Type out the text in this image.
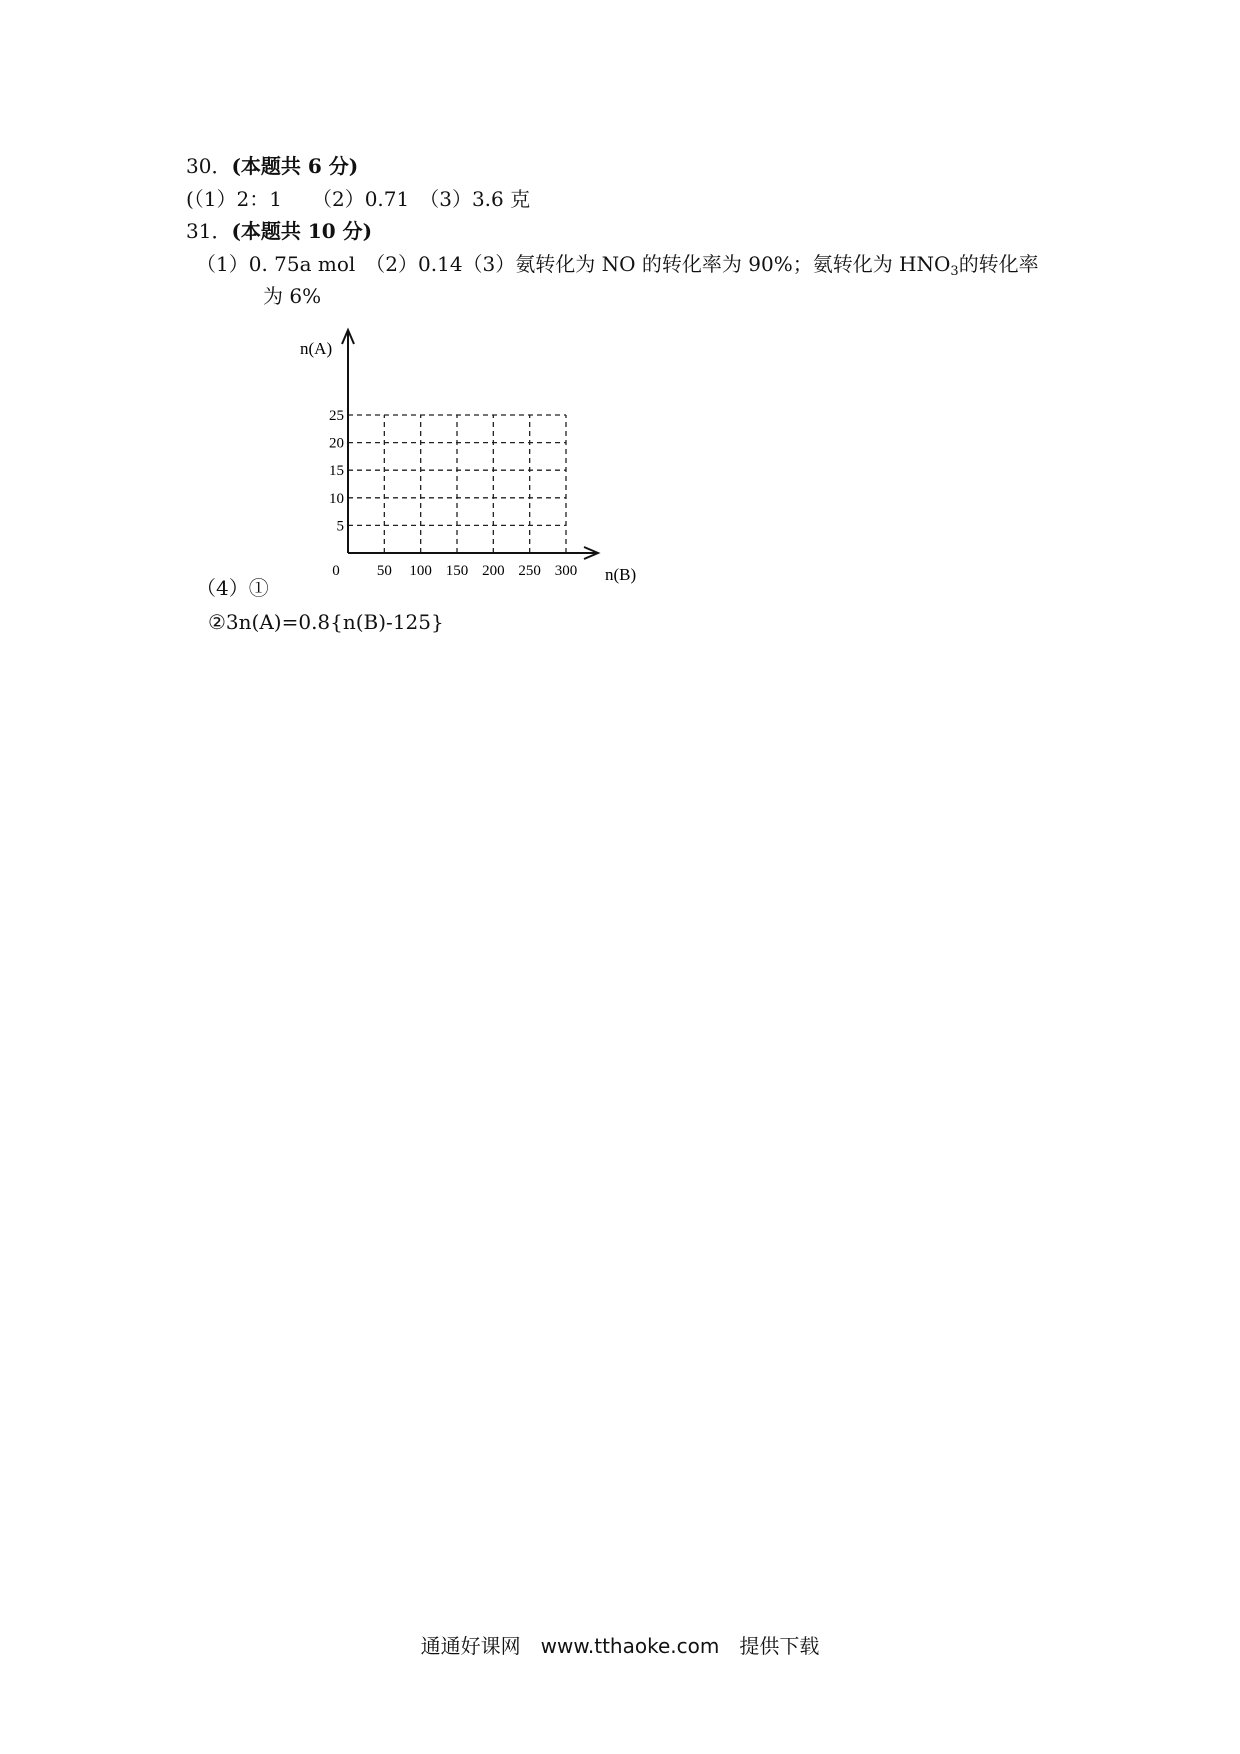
30．(本题共 6 分)
(（1）2：1　　（2）0.71　（3）3.6 克
31．(本题共 10 分)
（1）0. 75a mol　（2）0.14（3）氨转化为 NO 的转化率为 90%；氨转化为 $HNO_3$的转化率
为 6%
n(A)
n(B)
5
10
15
20
25
0 50 100 150 200 250 300
（4）①
②3n(A)=0.8{n(B)-125}
通通好课网　www.tthaoke.com　提供下载
